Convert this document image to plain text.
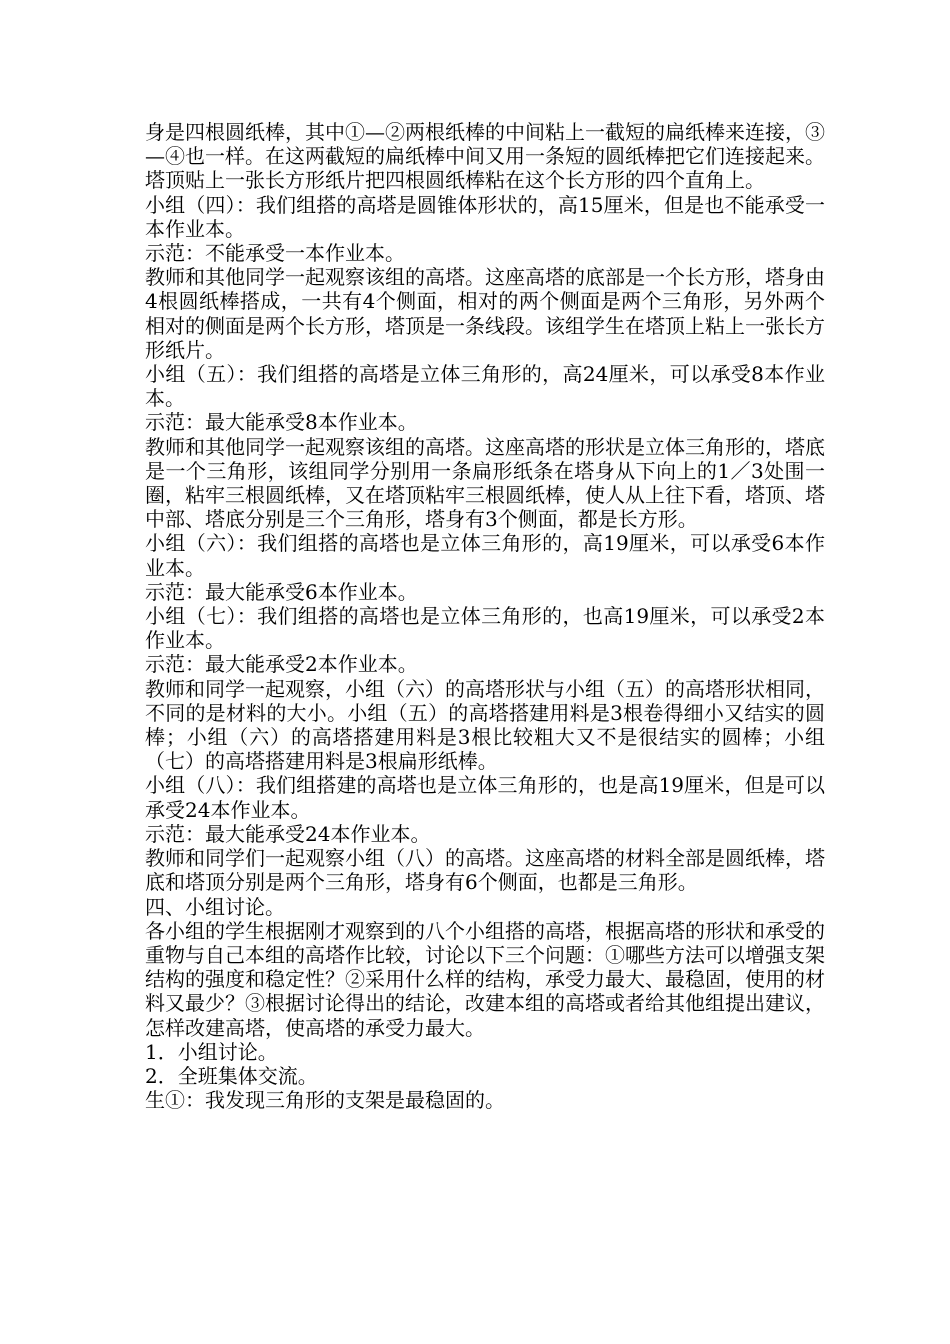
身是四根圆纸棒，其中①—②两根纸棒的中间粘上一截短的扁纸棒来连接，③—④也一样。在这两截短的扁纸棒中间又用一条短的圆纸棒把它们连接起来。塔顶贴上一张长方形纸片把四根圆纸棒粘在这个长方形的四个直角上。

小组（四）：我们组搭的高塔是圆锥体形状的，高15厘米，但是也不能承受一本作业本。

示范：不能承受一本作业本。

教师和其他同学一起观察该组的高塔。这座高塔的底部是一个长方形，塔身由4根圆纸棒搭成，一共有4个侧面，相对的两个侧面是两个三角形，另外两个相对的侧面是两个长方形，塔顶是一条线段。该组学生在塔顶上粘上一张长方形纸片。

小组（五）：我们组搭的高塔是立体三角形的，高24厘米，可以承受8本作业本。

示范：最大能承受8本作业本。

教师和其他同学一起观察该组的高塔。这座高塔的形状是立体三角形的，塔底是一个三角形，该组同学分别用一条扁形纸条在塔身从下向上的1／3处围一圈，粘牢三根圆纸棒，又在塔顶粘牢三根圆纸棒，使人从上往下看，塔顶、塔中部、塔底分别是三个三角形，塔身有3个侧面，都是长方形。

小组（六）：我们组搭的高塔也是立体三角形的，高19厘米，可以承受6本作业本。

示范：最大能承受6本作业本。

小组（七）：我们组搭的高塔也是立体三角形的，也高19厘米，可以承受2本作业本。

示范：最大能承受2本作业本。

教师和同学一起观察，小组（六）的高塔形状与小组（五）的高塔形状相同，不同的是材料的大小。小组（五）的高塔搭建用料是3根卷得细小又结实的圆棒；小组（六）的高塔搭建用料是3根比较粗大又不是很结实的圆棒；小组（七）的高塔搭建用料是3根扁形纸棒。

小组（八）：我们组搭建的高塔也是立体三角形的，也是高19厘米，但是可以承受24本作业本。

示范：最大能承受24本作业本。

教师和同学们一起观察小组（八）的高塔。这座高塔的材料全部是圆纸棒，塔底和塔顶分别是两个三角形，塔身有6个侧面，也都是三角形。

四、小组讨论。

各小组的学生根据刚才观察到的八个小组搭的高塔，根据高塔的形状和承受的重物与自己本组的高塔作比较，讨论以下三个问题：①哪些方法可以增强支架结构的强度和稳定性？②采用什么样的结构，承受力最大、最稳固，使用的材料又最少？③根据讨论得出的结论，改建本组的高塔或者给其他组提出建议，怎样改建高塔，使高塔的承受力最大。

1．小组讨论。

2．全班集体交流。

生①：我发现三角形的支架是最稳固的。
